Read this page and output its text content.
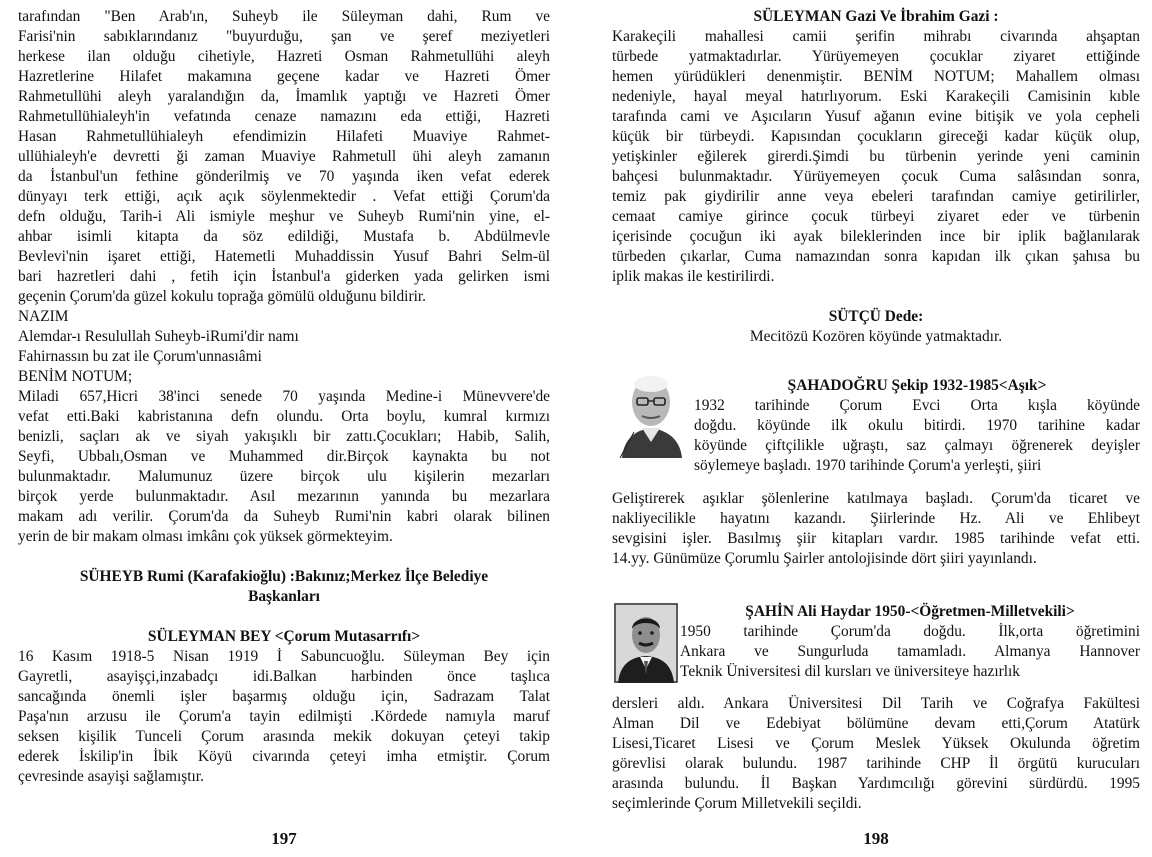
tarafından "Ben Arab'ın, Suheyb ile Süleyman dahi, Rum ve
Farisi'nin sabıklarındanız "buyurduğu, şan ve şeref meziyetleri
herkese ilan olduğu cihetiyle, Hazreti Osman Rahmetullühi aleyh
Hazretlerine Hilafet makamına geçene kadar ve Hazreti Ömer
Rahmetullühi aleyh yaralandığın da, İmamlık yaptığı ve Hazreti Ömer
Rahmetullühialeyh'in vefatında cenaze namazını eda ettiği, Hazreti
Hasan Rahmetullühialeyh efendimizin Hilafeti Muaviye Rahmet-
ullühialeyh'e devretti ği zaman Muaviye Rahmetull ühi aleyh zamanın
da İstanbul'un fethine gönderilmiş ve 70 yaşında iken vefat ederek
dünyayı terk ettiği, açık açık söylenmektedir . Vefat ettiği Çorum'da
defn olduğu, Tarih-i Ali ismiyle meşhur ve Suheyb Rumi'nin yine, el-
ahbar isimli kitapta da söz edildiği, Mustafa b. Abdülmevle
Bevlevi'nin işaret ettiği, Hatemetli Muhaddissin Yusuf Bahri Selm-ül
bari hazretleri dahi , fetih için İstanbul'a giderken yada gelirken ismi
geçenin Çorum'da güzel kokulu toprağa gömülü olduğunu bildirir.
NAZIM
Alemdar-ı Resulullah Suheyb-iRumi'dir namı
Fahirnassın bu zat ile Çorum'unnasıâmi
BENİM NOTUM;
Miladi 657,Hicri 38'inci senede 70 yaşında Medine-i Münevvere'de
vefat etti.Baki kabristanına defn olundu. Orta boylu, kumral kırmızı
benizli, saçları ak ve siyah yakışıklı bir zattı.Çocukları; Habib, Salih,
Seyfi, Ubbalı,Osman ve Muhammed dir.Birçok kaynakta bu not
bulunmaktadır. Malumunuz üzere birçok ulu kişilerin mezarları
birçok yerde bulunmaktadır. Asıl mezarının yanında bu mezarlara
makam adı verilir. Çorum'da da Suheyb Rumi'nin kabri olarak bilinen
yerin de bir makam olması imkânı çok yüksek görmekteyim.
SÜHEYB Rumi (Karafakioğlu) :Bakınız;Merkez İlçe Belediye
Başkanları
SÜLEYMAN BEY <Çorum Mutasarrıfı>
16 Kasım 1918-5 Nisan 1919 İ Sabuncuoğlu. Süleyman Bey için
Gayretli, asayişçi,inzabadçı idi.Balkan harbinden önce taşlıca
sancağında önemli işler başarmış olduğu için, Sadrazam Talat
Paşa'nın arzusu ile Çorum'a tayin edilmişti .Kördede namıyla maruf
seksen kişilik Tunceli Çorum arasında mekik dokuyan çeteyi takip
ederek İskilip'in İbik Köyü civarında çeteyi imha etmiştir. Çorum
çevresinde asayişi sağlamıştır.
197
SÜLEYMAN Gazi Ve İbrahim Gazi :
Karakeçili mahallesi camii şerifin mihrabı civarında ahşaptan
türbede yatmaktadırlar. Yürüyemeyen çocuklar ziyaret ettiğinde
hemen yürüdükleri denenmiştir. BENİM NOTUM; Mahallem olması
nedeniyle, hayal meyal hatırlıyorum. Eski Karakeçili Camisinin kıble
tarafında cami ve Aşıcıların Yusuf ağanın evine bitişik ve yola cepheli
küçük bir türbeydi. Kapısından çocukların gireceği kadar küçük olup,
yetişkinler eğilerek girerdi.Şimdi bu türbenin yerinde yeni caminin
bahçesi bulunmaktadır. Yürüyemeyen çocuk Cuma salâsından sonra,
temiz pak giydirilir anne veya ebeleri tarafından camiye getirilirler,
cemaat camiye girince çocuk türbeyi ziyaret eder ve türbenin
içerisinde çocuğun iki ayak bileklerinden ince bir iplik bağlanılarak
türbeden çıkarlar, Cuma namazından sonra kapıdan ilk çıkan şahısa bu
iplik makas ile kestirilirdi.
SÜTÇÜ Dede:
Mecitözü Kozören köyünde yatmaktadır.
ŞAHADOĞRU Şekip 1932-1985<Aşık>
1932 tarihinde Çorum Evci Orta kışla köyünde
doğdu. köyünde ilk okulu bitirdi. 1970 tarihine kadar
köyünde çiftçilikle uğraştı, saz çalmayı öğrenerek deyişler
söylemeye başladı. 1970 tarihinde Çorum'a yerleşti, şiiri
Geliştirerek aşıklar şölenlerine katılmaya başladı. Çorum'da ticaret ve
nakliyecilikle hayatını kazandı. Şiirlerinde Hz. Ali ve Ehlibeyt
sevgisini işler. Basılmış şiir kitapları vardır. 1985 tarihinde vefat etti.
14.yy. Günümüze Çorumlu Şairler antolojisinde dört şiiri yayınlandı.
ŞAHİN Ali Haydar 1950-<Öğretmen-Milletvekili>
1950 tarihinde Çorum'da doğdu. İlk,orta öğretimini
Ankara ve Sungurluda tamamladı. Almanya Hannover
Teknik Üniversitesi dil kursları ve üniversiteye hazırlık
dersleri aldı. Ankara Üniversitesi Dil Tarih ve Coğrafya Fakültesi
Alman Dil ve Edebiyat bölümüne devam etti,Çorum Atatürk
Lisesi,Ticaret Lisesi ve Çorum Meslek Yüksek Okulunda öğretim
görevlisi olarak bulundu. 1987 tarihinde CHP İl örgütü kurucuları
arasında bulundu. İl Başkan Yardımcılığı görevini sürdürdü. 1995
seçimlerinde Çorum Milletvekili seçildi.
198
